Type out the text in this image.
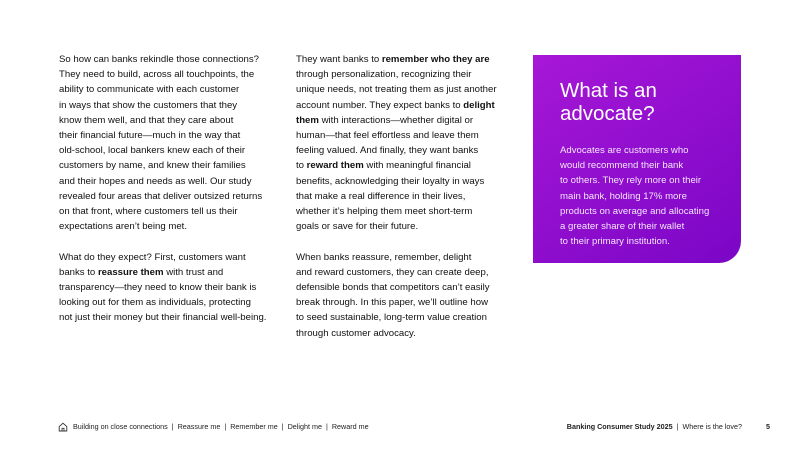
So how can banks rekindle those connections?
They need to build, across all touchpoints, the
ability to communicate with each customer
in ways that show the customers that they
know them well, and that they care about
their financial future—much in the way that
old-school, local bankers knew each of their
customers by name, and knew their families
and their hopes and needs as well. Our study
revealed four areas that deliver outsized returns
on that front, where customers tell us their
expectations aren’t being met.

What do they expect? First, customers want
banks to reassure them with trust and
transparency—they need to know their bank is
looking out for them as individuals, protecting
not just their money but their financial well-being.

They want banks to remember who they are
through personalization, recognizing their
unique needs, not treating them as just another
account number. They expect banks to delight
them with interactions—whether digital or
human—that feel effortless and leave them
feeling valued. And finally, they want banks
to reward them with meaningful financial
benefits, acknowledging their loyalty in ways
that make a real difference in their lives,
whether it’s helping them meet short-term
goals or save for their future.

When banks reassure, remember, delight
and reward customers, they can create deep,
defensible bonds that competitors can’t easily
break through. In this paper, we’ll outline how
to seed sustainable, long-term value creation
through customer advocacy.

What is an
advocate?

Advocates are customers who
would recommend their bank
to others. They rely more on their
main bank, holding 17% more
products on average and allocating
a greater share of their wallet
to their primary institution.

Building on close connections | Reassure me | Remember me | Delight me | Reward me	Banking Consumer Study 2025 | Where is the love?	5
